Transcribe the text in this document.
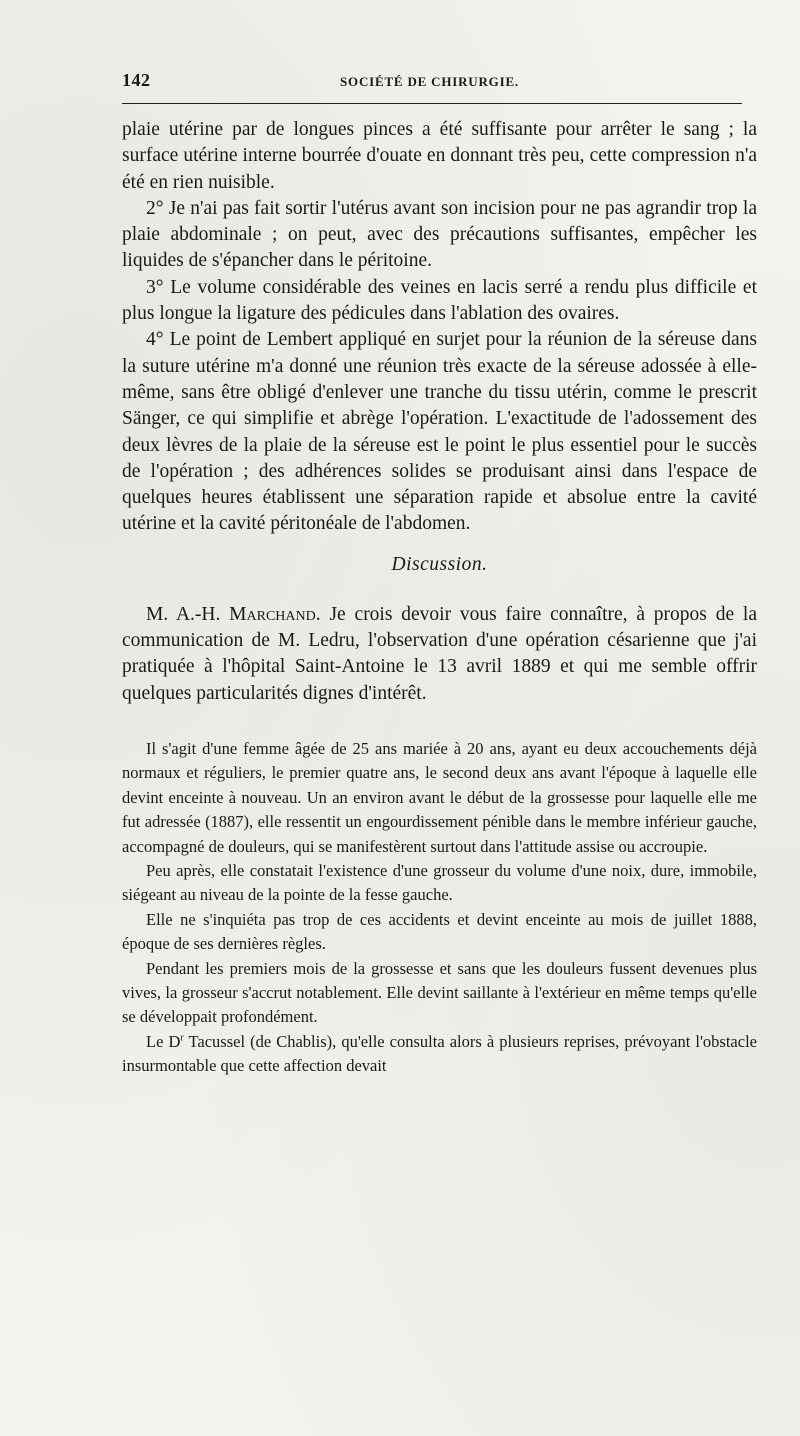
142	SOCIÉTÉ DE CHIRURGIE.

plaie utérine par de longues pinces a été suffisante pour arrêter le sang ; la surface utérine interne bourrée d'ouate en donnant très peu, cette compression n'a été en rien nuisible.

2° Je n'ai pas fait sortir l'utérus avant son incision pour ne pas agrandir trop la plaie abdominale ; on peut, avec des précautions suffisantes, empêcher les liquides de s'épancher dans le péritoine.

3° Le volume considérable des veines en lacis serré a rendu plus difficile et plus longue la ligature des pédicules dans l'ablation des ovaires.

4° Le point de Lembert appliqué en surjet pour la réunion de la séreuse dans la suture utérine m'a donné une réunion très exacte de la séreuse adossée à elle-même, sans être obligé d'enlever une tranche du tissu utérin, comme le prescrit Sänger, ce qui simplifie et abrège l'opération. L'exactitude de l'adossement des deux lèvres de la plaie de la séreuse est le point le plus essentiel pour le succès de l'opération ; des adhérences solides se produisant ainsi dans l'espace de quelques heures établissent une séparation rapide et absolue entre la cavité utérine et la cavité péritonéale de l'abdomen.

Discussion.

M. A.-H. Marchand. Je crois devoir vous faire connaître, à propos de la communication de M. Ledru, l'observation d'une opération césarienne que j'ai pratiquée à l'hôpital Saint-Antoine le 13 avril 1889 et qui me semble offrir quelques particularités dignes d'intérêt.

Il s'agit d'une femme âgée de 25 ans mariée à 20 ans, ayant eu deux accouchements déjà normaux et réguliers, le premier quatre ans, le second deux ans avant l'époque à laquelle elle devint enceinte à nouveau. Un an environ avant le début de la grossesse pour laquelle elle me fut adressée (1887), elle ressentit un engourdissement pénible dans le membre inférieur gauche, accompagné de douleurs, qui se manifestèrent surtout dans l'attitude assise ou accroupie.

Peu après, elle constatait l'existence d'une grosseur du volume d'une noix, dure, immobile, siégeant au niveau de la pointe de la fesse gauche.

Elle ne s'inquiéta pas trop de ces accidents et devint enceinte au mois de juillet 1888, époque de ses dernières règles.

Pendant les premiers mois de la grossesse et sans que les douleurs fussent devenues plus vives, la grosseur s'accrut notablement. Elle devint saillante à l'extérieur en même temps qu'elle se développait profondément.

Le $D^r$ Tacussel (de Chablis), qu'elle consulta alors à plusieurs reprises, prévoyant l'obstacle insurmontable que cette affection devait
